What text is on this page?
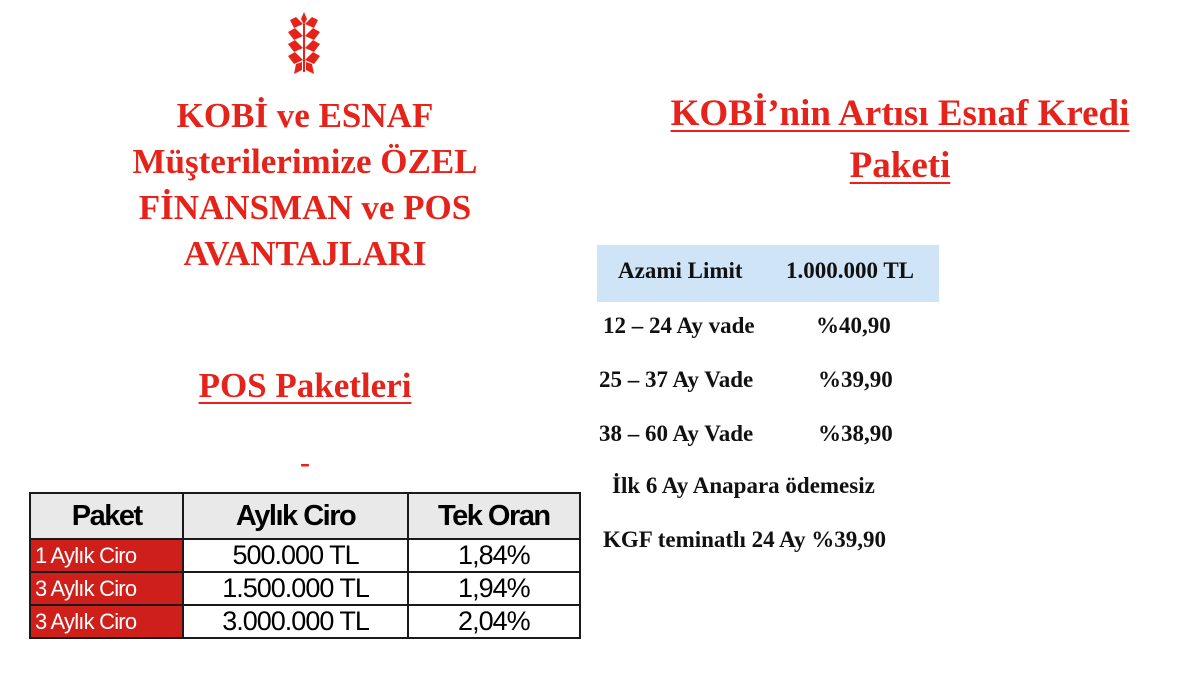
KOBİ ve ESNAF
Müşterilerimize ÖZEL
FİNANSMAN ve POS
AVANTAJLARI
POS Paketleri
-
Paket	Aylık Ciro	Tek Oran
1 Aylık Ciro	500.000 TL	1,84%
3 Aylık Ciro	1.500.000 TL	1,94%
3 Aylık Ciro	3.000.000 TL	2,04%
KOBİ’nin Artısı Esnaf Kredi
Paketi
Azami Limit 1.000.000 TL
12 – 24 Ay vade	%40,90
25 – 37 Ay Vade	%39,90
38 – 60 Ay Vade	%38,90
İlk 6 Ay Anapara ödemesiz
KGF teminatlı 24 Ay %39,90
